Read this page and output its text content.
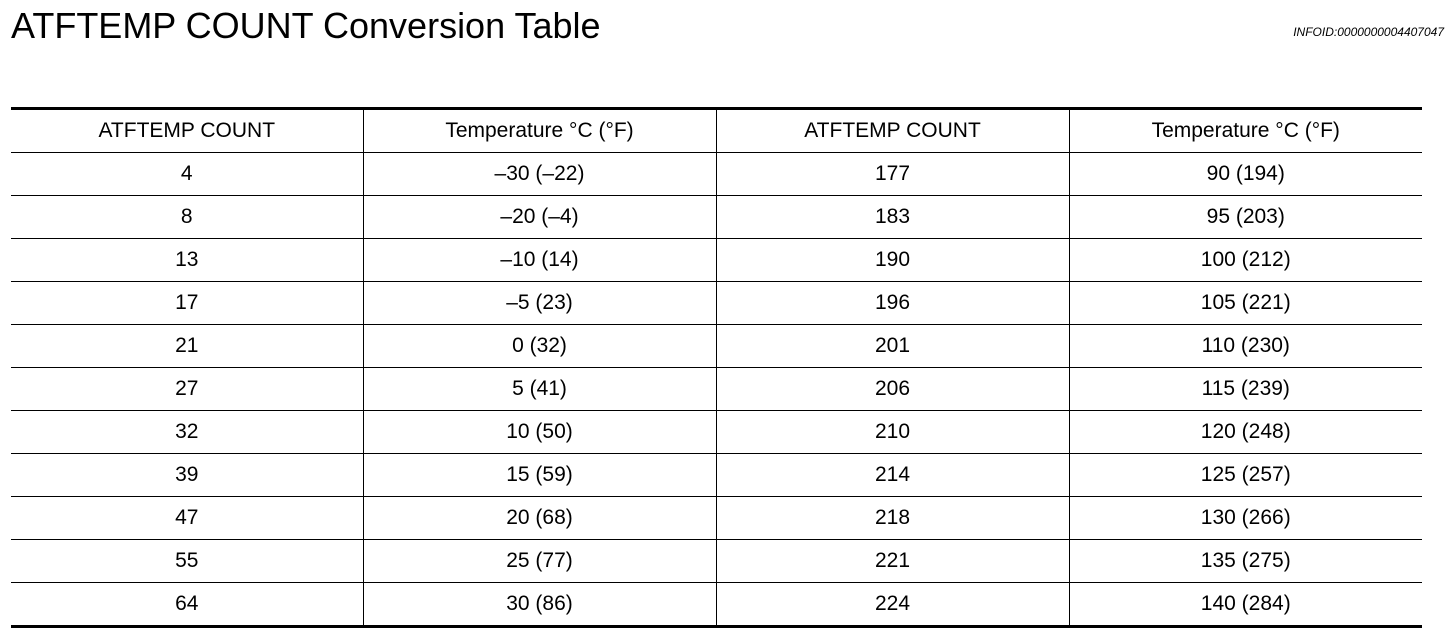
ATFTEMP COUNT Conversion Table	INFOID:0000000004407047
ATFTEMP COUNT	Temperature °C (°F)	ATFTEMP COUNT	Temperature °C (°F)
4	–30 (–22)	177	90 (194)
8	–20 (–4)	183	95 (203)
13	–10 (14)	190	100 (212)
17	–5 (23)	196	105 (221)
21	0 (32)	201	110 (230)
27	5 (41)	206	115 (239)
32	10 (50)	210	120 (248)
39	15 (59)	214	125 (257)
47	20 (68)	218	130 (266)
55	25 (77)	221	135 (275)
64	30 (86)	224	140 (284)
